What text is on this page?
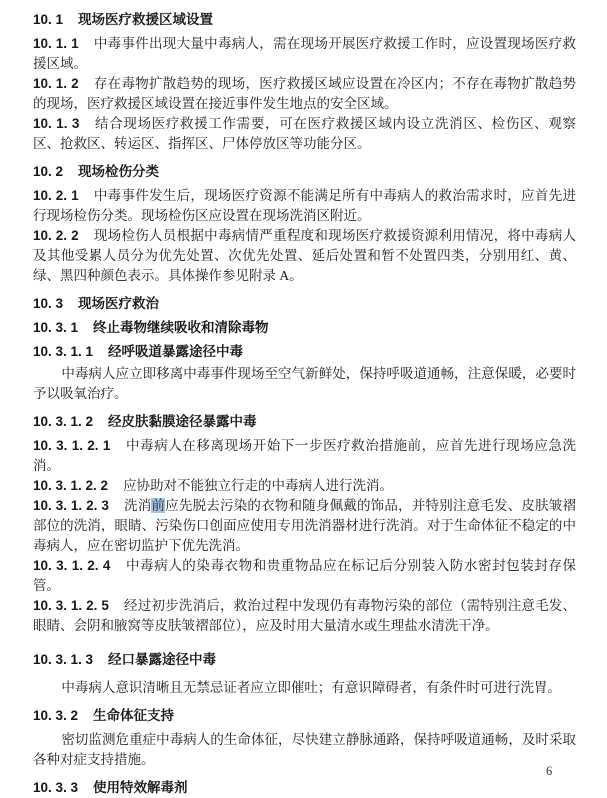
10. 1 现场医疗救援区域设置
10. 1. 1 中毒事件出现大量中毒病人，需在现场开展医疗救援工作时，应设置现场医疗救援区域。
10. 1. 2 存在毒物扩散趋势的现场，医疗救援区域应设置在冷区内；不存在毒物扩散趋势的现场，医疗救援区域设置在接近事件发生地点的安全区域。
10. 1. 3 结合现场医疗救援工作需要，可在医疗救援区域内设立洗消区、检伤区、观察区、抢救区、转运区、指挥区、尸体停放区等功能分区。
10. 2 现场检伤分类
10. 2. 1 中毒事件发生后，现场医疗资源不能满足所有中毒病人的救治需求时，应首先进行现场检伤分类。现场检伤区应设置在现场洗消区附近。
10. 2. 2 现场检伤人员根据中毒病情严重程度和现场医疗救援资源利用情况，将中毒病人及其他受累人员分为优先处置、次优先处置、延后处置和暂不处置四类，分别用红、黄、绿、黑四种颜色表示。具体操作参见附录 A。
10. 3 现场医疗救治
10. 3. 1 终止毒物继续吸收和清除毒物
10. 3. 1. 1 经呼吸道暴露途径中毒
中毒病人应立即移离中毒事件现场至空气新鲜处，保持呼吸道通畅，注意保暖，必要时予以吸氧治疗。
10. 3. 1. 2 经皮肤黏膜途径暴露中毒
10. 3. 1. 2. 1 中毒病人在移离现场开始下一步医疗救治措施前，应首先进行现场应急洗消。
10. 3. 1. 2. 2 应协助对不能独立行走的中毒病人进行洗消。
10. 3. 1. 2. 3 洗消前应先脱去污染的衣物和随身佩戴的饰品，并特别注意毛发、皮肤皱褶部位的洗消，眼睛、污染伤口创面应使用专用洗消器材进行洗消。对于生命体征不稳定的中毒病人，应在密切监护下优先洗消。
10. 3. 1. 2. 4 中毒病人的染毒衣物和贵重物品应在标记后分别装入防水密封包装封存保管。
10. 3. 1. 2. 5 经过初步洗消后，救治过程中发现仍有毒物污染的部位（需特别注意毛发、眼睛、会阴和腋窝等皮肤皱褶部位），应及时用大量清水或生理盐水清洗干净。
10. 3. 1. 3 经口暴露途径中毒
中毒病人意识清晰且无禁忌证者应立即催吐；有意识障碍者，有条件时可进行洗胃。
10. 3. 2 生命体征支持
密切监测危重症中毒病人的生命体征，尽快建立静脉通路，保持呼吸道通畅，及时采取各种对症支持措施。
10. 3. 3 使用特效解毒剂
6
